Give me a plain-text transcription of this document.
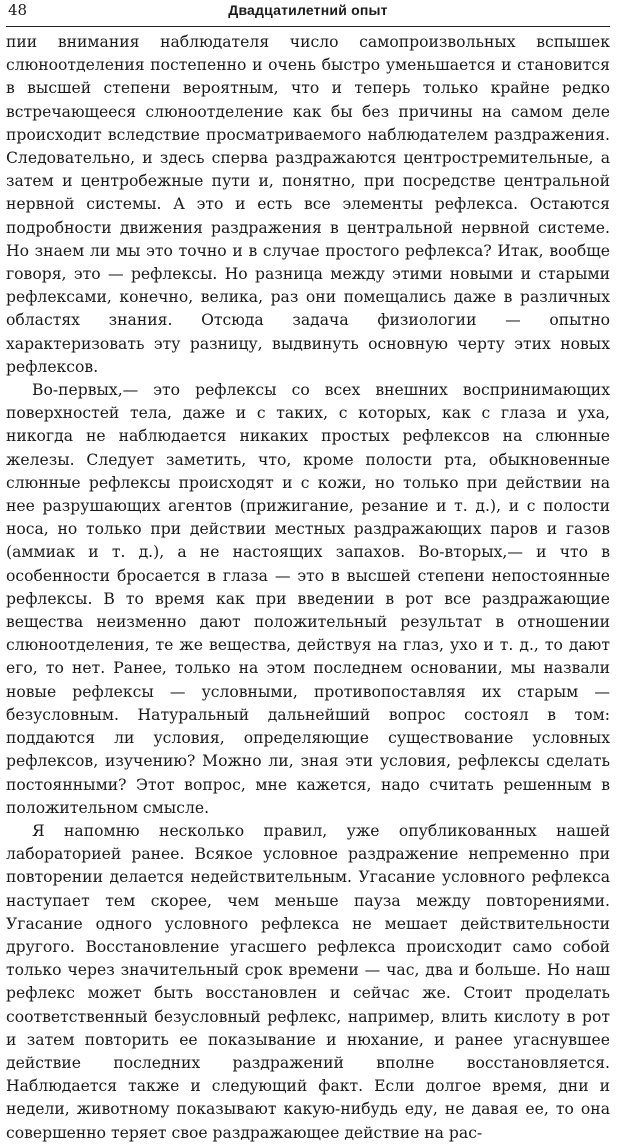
48	Двадцатилетний опыт

пии внимания наблюдателя число самопроизвольных вспышек слюноотделения постепенно и очень быстро уменьшается и становится в высшей степени вероятным, что и теперь только крайне редко встречающееся слюноотделение как бы без причины на самом деле происходит вследствие просматриваемого наблюдателем раздражения. Следовательно, и здесь сперва раздражаются центростремительные, а затем и центробежные пути и, понятно, при посредстве центральной нервной системы. А это и есть все элементы рефлекса. Остаются подробности движения раздражения в центральной нервной системе. Но знаем ли мы это точно и в случае простого рефлекса? Итак, вообще говоря, это — рефлексы. Но разница между этими новыми и старыми рефлексами, конечно, велика, раз они помещались даже в различных областях знания. Отсюда задача физиологии — опытно характеризовать эту разницу, выдвинуть основную черту этих новых рефлексов.

Во-первых,— это рефлексы со всех внешних воспринимающих поверхностей тела, даже и с таких, с которых, как с глаза и уха, никогда не наблюдается никаких простых рефлексов на слюнные железы. Следует заметить, что, кроме полости рта, обыкновенные слюнные рефлексы происходят и с кожи, но только при действии на нее разрушающих агентов (прижигание, резание и т. д.), и с полости носа, но только при действии местных раздражающих паров и газов (аммиак и т. д.), а не настоящих запахов. Во-вторых,— и что в особенности бросается в глаза — это в высшей степени непостоянные рефлексы. В то время как при введении в рот все раздражающие вещества неизменно дают положительный результат в отношении слюноотделения, те же вещества, действуя на глаз, ухо и т. д., то дают его, то нет. Ранее, только на этом последнем основании, мы назвали новые рефлексы — условными, противопоставляя их старым — безусловным. Натуральный дальнейший вопрос состоял в том: поддаются ли условия, определяющие существование условных рефлексов, изучению? Можно ли, зная эти условия, рефлексы сделать постоянными? Этот вопрос, мне кажется, надо считать решенным в положительном смысле.

Я напомню несколько правил, уже опубликованных нашей лабораторией ранее. Всякое условное раздражение непременно при повторении делается недействительным. Угасание условного рефлекса наступает тем скорее, чем меньше пауза между повторениями. Угасание одного условного рефлекса не мешает действительности другого. Восстановление угасшего рефлекса происходит само собой только через значительный срок времени — час, два и больше. Но наш рефлекс может быть восстановлен и сейчас же. Стоит проделать соответственный безусловный рефлекс, например, влить кислоту в рот и затем повторить ее показывание и нюхание, и ранее угаснувшее действие последних раздражений вполне восстановляется. Наблюдается также и следующий факт. Если долгое время, дни и недели, животному показывают какую-нибудь еду, не давая ее, то она совершенно теряет свое раздражающее действие на рас-
